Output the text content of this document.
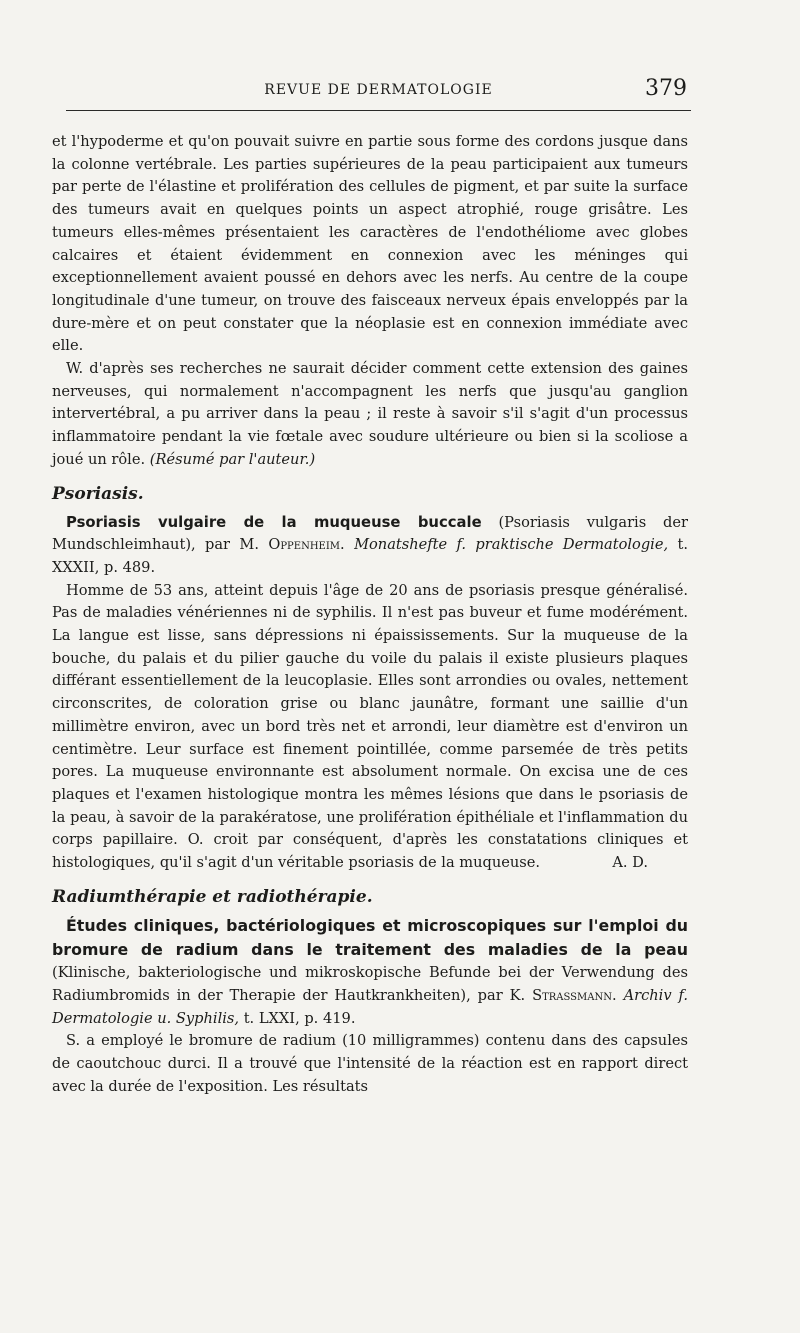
REVUE DE DERMATOLOGIE	379

et l'hypoderme et qu'on pouvait suivre en partie sous forme des cordons jusque dans la colonne vertébrale. Les parties supérieures de la peau participaient aux tumeurs par perte de l'élastine et prolifération des cellules de pigment, et par suite la surface des tumeurs avait en quelques points un aspect atrophié, rouge grisâtre. Les tumeurs elles-mêmes présentaient les caractères de l'endothéliome avec globes calcaires et étaient évidemment en connexion avec les méninges qui exceptionnellement avaient poussé en dehors avec les nerfs. Au centre de la coupe longitudinale d'une tumeur, on trouve des faisceaux nerveux épais enveloppés par la dure-mère et on peut constater que la néoplasie est en connexion immédiate avec elle.

W. d'après ses recherches ne saurait décider comment cette extension des gaines nerveuses, qui normalement n'accompagnent les nerfs que jusqu'au ganglion intervertébral, a pu arriver dans la peau ; il reste à savoir s'il s'agit d'un processus inflammatoire pendant la vie fœtale avec soudure ultérieure ou bien si la scoliose a joué un rôle. (Résumé par l'auteur.)

Psoriasis.

Psoriasis vulgaire de la muqueuse buccale (Psoriasis vulgaris der Mundschleimhaut), par M. Oppenheim. Monatshefte f. praktische Dermatologie, t. XXXII, p. 489.

Homme de 53 ans, atteint depuis l'âge de 20 ans de psoriasis presque généralisé. Pas de maladies vénériennes ni de syphilis. Il n'est pas buveur et fume modérément. La langue est lisse, sans dépressions ni épaississements. Sur la muqueuse de la bouche, du palais et du pilier gauche du voile du palais il existe plusieurs plaques différant essentiellement de la leucoplasie. Elles sont arrondies ou ovales, nettement circonscrites, de coloration grise ou blanc jaunâtre, formant une saillie d'un millimètre environ, avec un bord très net et arrondi, leur diamètre est d'environ un centimètre. Leur surface est finement pointillée, comme parsemée de très petits pores. La muqueuse environnante est absolument normale. On excisa une de ces plaques et l'examen histologique montra les mêmes lésions que dans le psoriasis de la peau, à savoir de la parakératose, une prolifération épithéliale et l'inflammation du corps papillaire. O. croit par conséquent, d'après les constatations cliniques et histologiques, qu'il s'agit d'un véritable psoriasis de la muqueuse.	A. D.

Radiumthérapie et radiothérapie.

Études cliniques, bactériologiques et microscopiques sur l'emploi du bromure de radium dans le traitement des maladies de la peau (Klinische, bakteriologische und mikroskopische Befunde bei der Verwendung des Radiumbromids in der Therapie der Hautkrankheiten), par K. Strassmann. Archiv f. Dermatologie u. Syphilis, t. LXXI, p. 419.

S. a employé le bromure de radium (10 milligrammes) contenu dans des capsules de caoutchouc durci. Il a trouvé que l'intensité de la réaction est en rapport direct avec la durée de l'exposition. Les résultats
